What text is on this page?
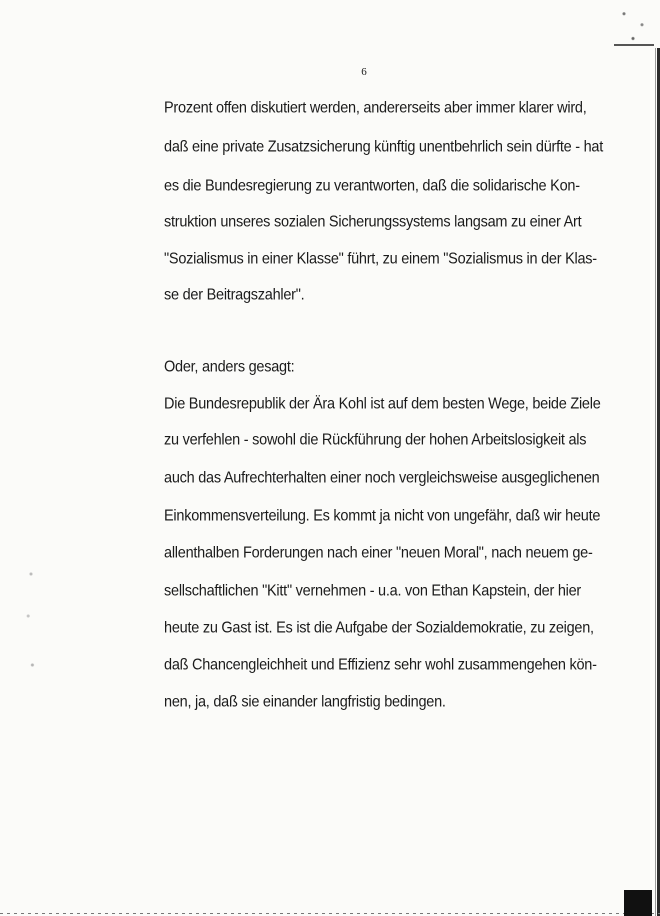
6
Prozent offen diskutiert werden, andererseits aber immer klarer wird,
daß eine private Zusatzsicherung künftig unentbehrlich sein dürfte - hat
es die Bundesregierung zu verantworten, daß die solidarische Kon-
struktion unseres sozialen Sicherungssystems langsam zu einer Art
"Sozialismus in einer Klasse" führt, zu einem "Sozialismus in der Klas-
se der Beitragszahler".
Oder, anders gesagt:
Die Bundesrepublik der Ära Kohl ist auf dem besten Wege, beide Ziele
zu verfehlen - sowohl die Rückführung der hohen Arbeitslosigkeit als
auch das Aufrechterhalten einer noch vergleichsweise ausgeglichenen
Einkommensverteilung. Es kommt ja nicht von ungefähr, daß wir heute
allenthalben Forderungen nach einer "neuen Moral", nach neuem ge-
sellschaftlichen "Kitt" vernehmen - u.a. von Ethan Kapstein, der hier
heute zu Gast ist. Es ist die Aufgabe der Sozialdemokratie, zu zeigen,
daß Chancengleichheit und Effizienz sehr wohl zusammengehen kön-
nen, ja, daß sie einander langfristig bedingen.
